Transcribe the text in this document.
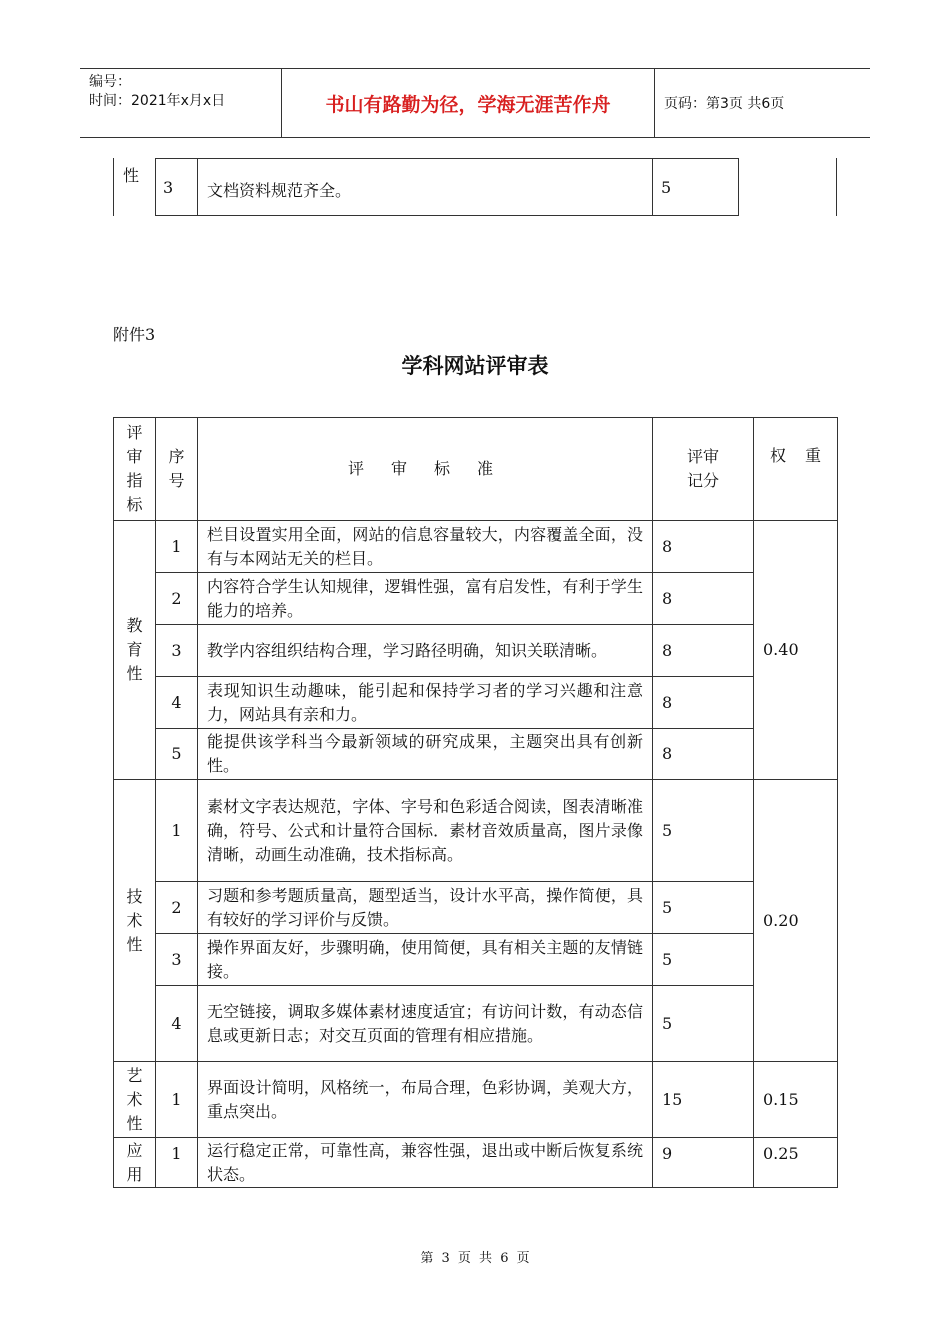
编号：
时间：2021年x月x日	书山有路勤为径，学海无涯苦作舟	页码：第3页 共6页
性
3 文档资料规范齐全。	5
附件3
学科网站评审表
评审指标	序号	评审标准	评审记分	权 重

教育性	1	栏目设置实用全面，网站的信息容量较大，内容覆盖全面，没有与本网站无关的栏目。	8	0.40
	2	内容符合学生认知规律，逻辑性强，富有启发性，有利于学生能力的培养。	8	
	3	教学内容组织结构合理，学习路径明确，知识关联清晰。	8	
	4	表现知识生动趣味，能引起和保持学习者的学习兴趣和注意力，网站具有亲和力。	8	
	5	能提供该学科当今最新领域的研究成果，主题突出具有创新性。	8	

技术性	1	素材文字表达规范，字体、字号和色彩适合阅读，图表清晰准确，符号、公式和计量符合国标．素材音效质量高，图片录像清晰，动画生动准确，技术指标高。	5	0.20
	2	习题和参考题质量高，题型适当，设计水平高，操作简便，具有较好的学习评价与反馈。	5	
	3	操作界面友好，步骤明确，使用简便，具有相关主题的友情链接。	5	
	4	无空链接，调取多媒体素材速度适宜；有访问计数，有动态信息或更新日志；对交互页面的管理有相应措施。	5	

艺术性	1	界面设计简明，风格统一，布局合理，色彩协调，美观大方，重点突出。	15	0.15

应用	1	运行稳定正常，可靠性高，兼容性强，退出或中断后恢复系统状态。	9	0.25
第 3 页 共 6 页
